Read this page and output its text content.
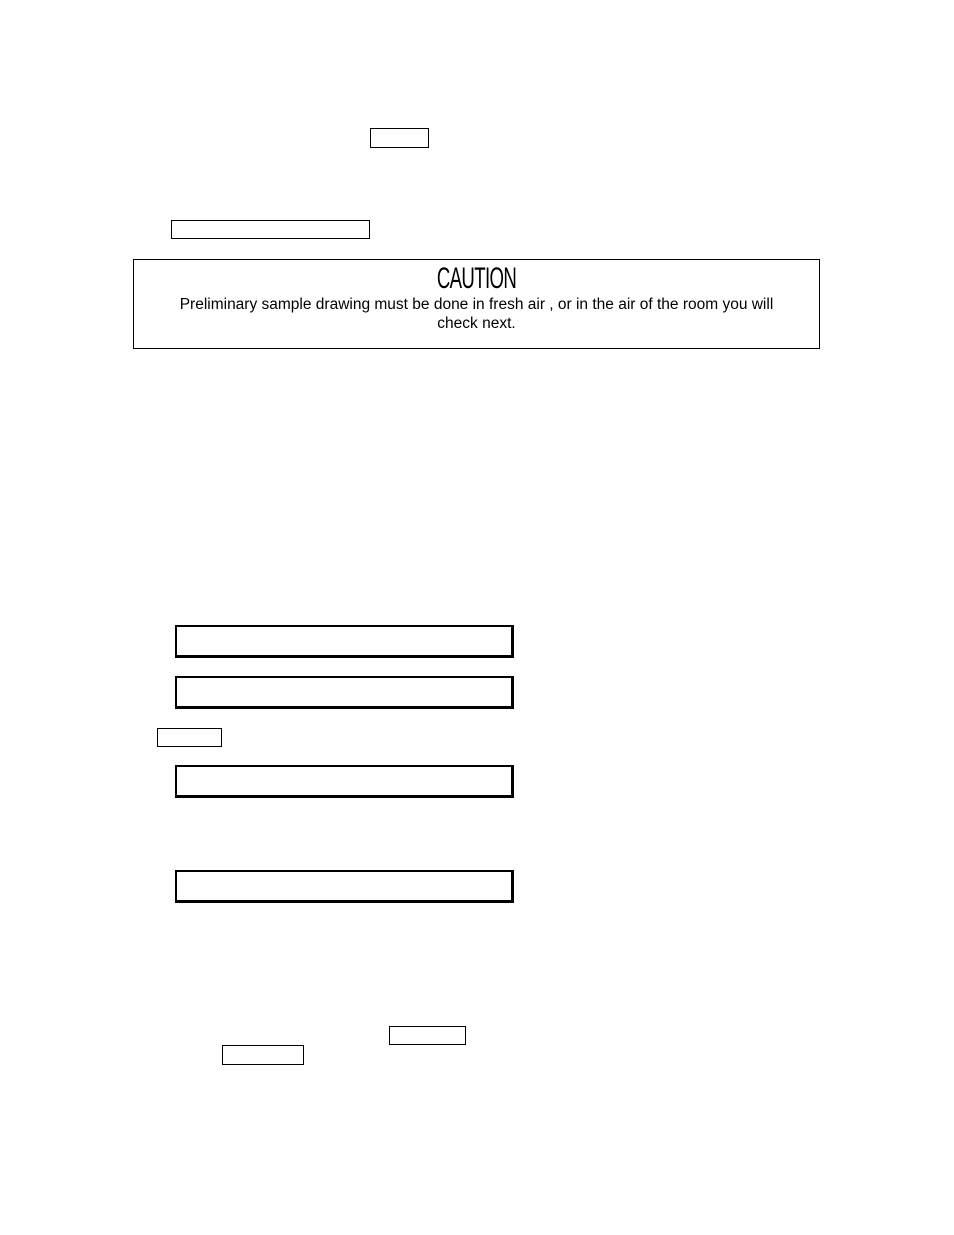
CAUTION
Preliminary sample drawing must be done in fresh air , or in the air of the room you will check next.
